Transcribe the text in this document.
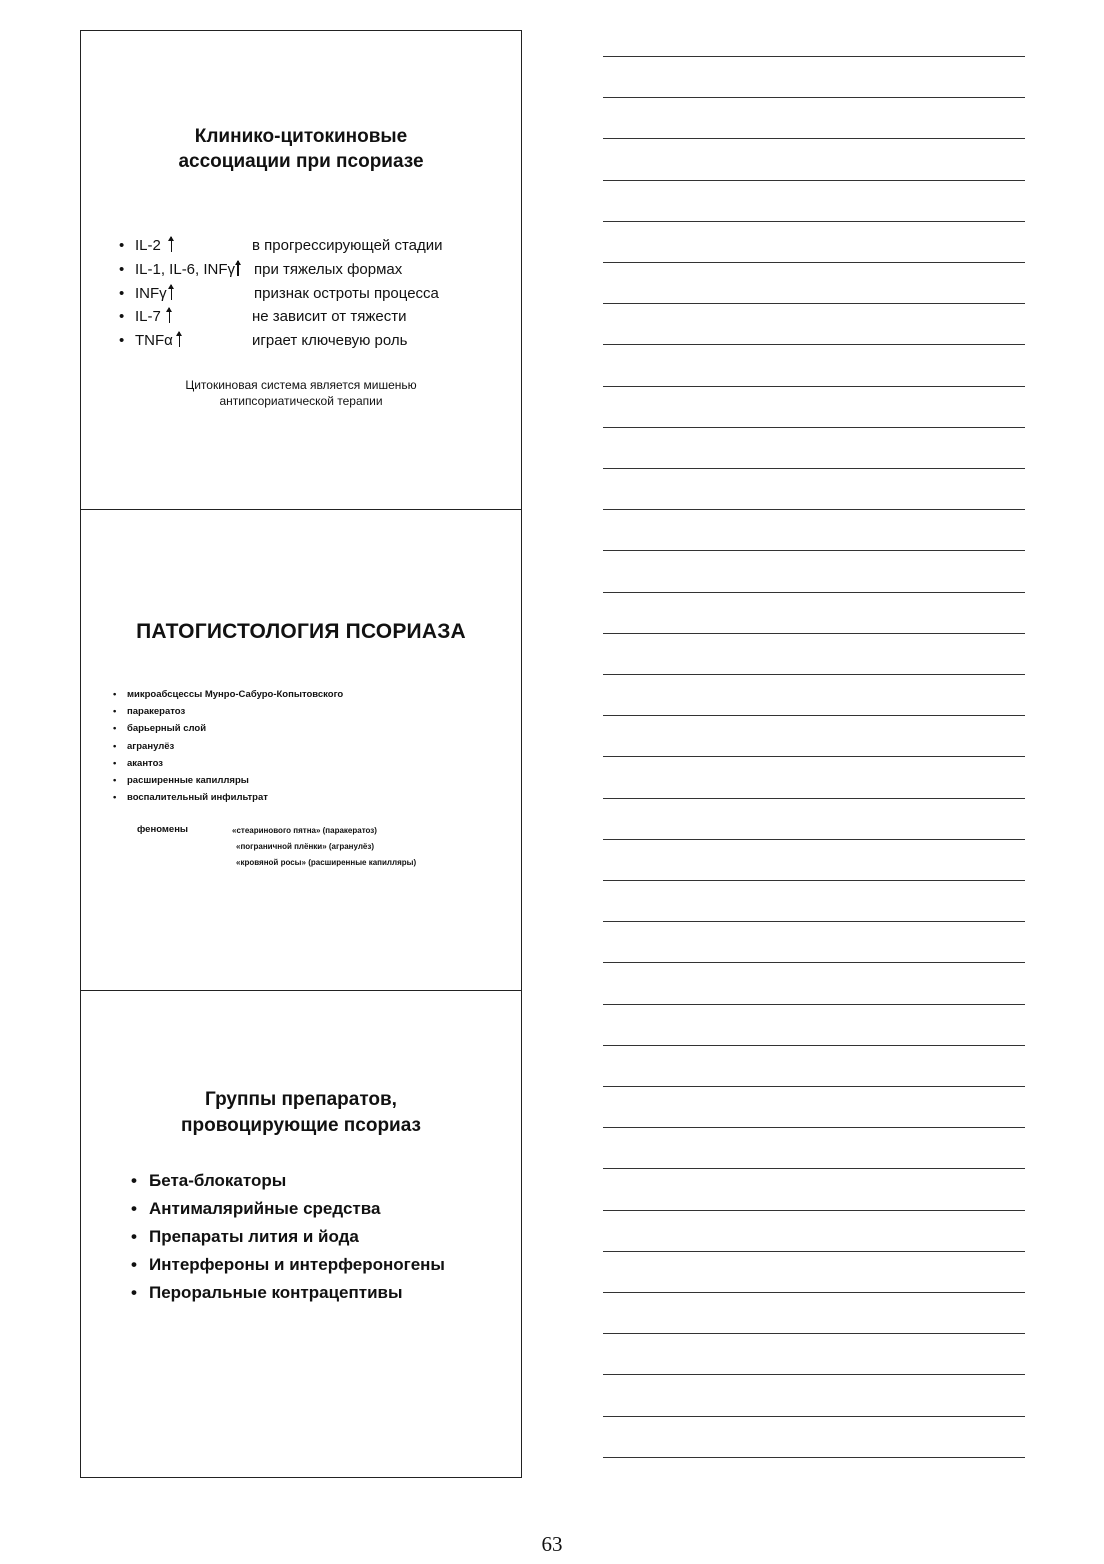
Клинико-цитокиновые
ассоциации при псориазе
• IL-2	в прогрессирующей стадии
• IL-1, IL-6, INFγ при тяжелых формах
• INFγ	признак остроты процесса
• IL-7	не зависит от тяжести
• TNFα	играет ключевую роль
Цитокиновая система является мишенью
антипсориатической терапии
ПАТОГИСТОЛОГИЯ ПСОРИАЗА
• микроабсцессы Мунро-Сабуро-Копытовского
• паракератоз
• барьерный слой
• агранулёз
• акантоз
• расширенные капилляры
• воспалительный инфильтрат
феномены	«стеаринового пятна» (паракератоз)
«пограничной плёнки» (агранулёз)
«кровяной росы» (расширенные капилляры)
Группы препаратов,
провоцирующие псориаз
• Бета-блокаторы
• Антималярийные средства
• Препараты лития и йода
• Интерфероны и интерфероногены
• Пероральные контрацептивы
63
